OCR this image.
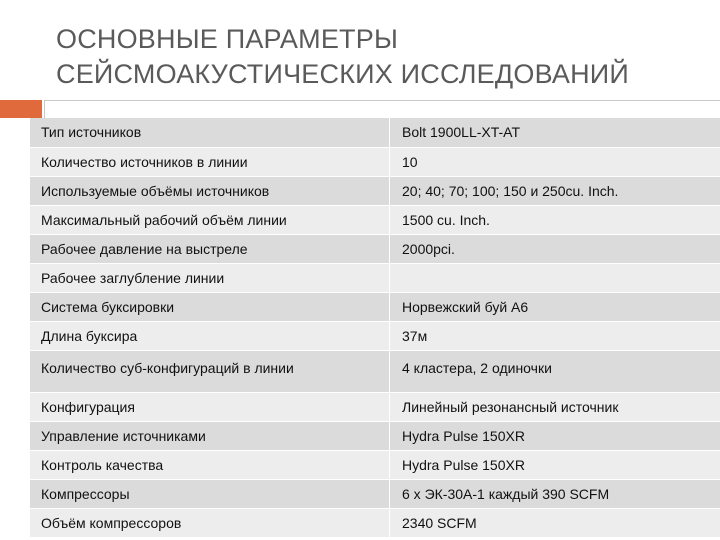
ОСНОВНЫЕ ПАРАМЕТРЫ
СЕЙСМОАКУСТИЧЕСКИХ ИССЛЕДОВАНИЙ
Тип источников	Bolt 1900LL-XT-AT
Количество источников в линии	10
Используемые объёмы источников	20; 40; 70; 100; 150 и 250cu. Inch.
Максимальный рабочий объём линии	1500 cu. Inch.
Рабочее давление на выстреле	2000pci.
Рабочее заглубление линии	
Система буксировки	Норвежский буй А6
Длина буксира	37м
Количество суб-конфигураций в линии	4 кластера, 2 одиночки
Конфигурация	Линейный резонансный источник
Управление источниками	Hydra Pulse 150XR
Контроль качества	Hydra Pulse 150XR
Компрессоры	6 х ЭК-30А-1 каждый 390 SCFM
Объём компрессоров	2340 SCFM
